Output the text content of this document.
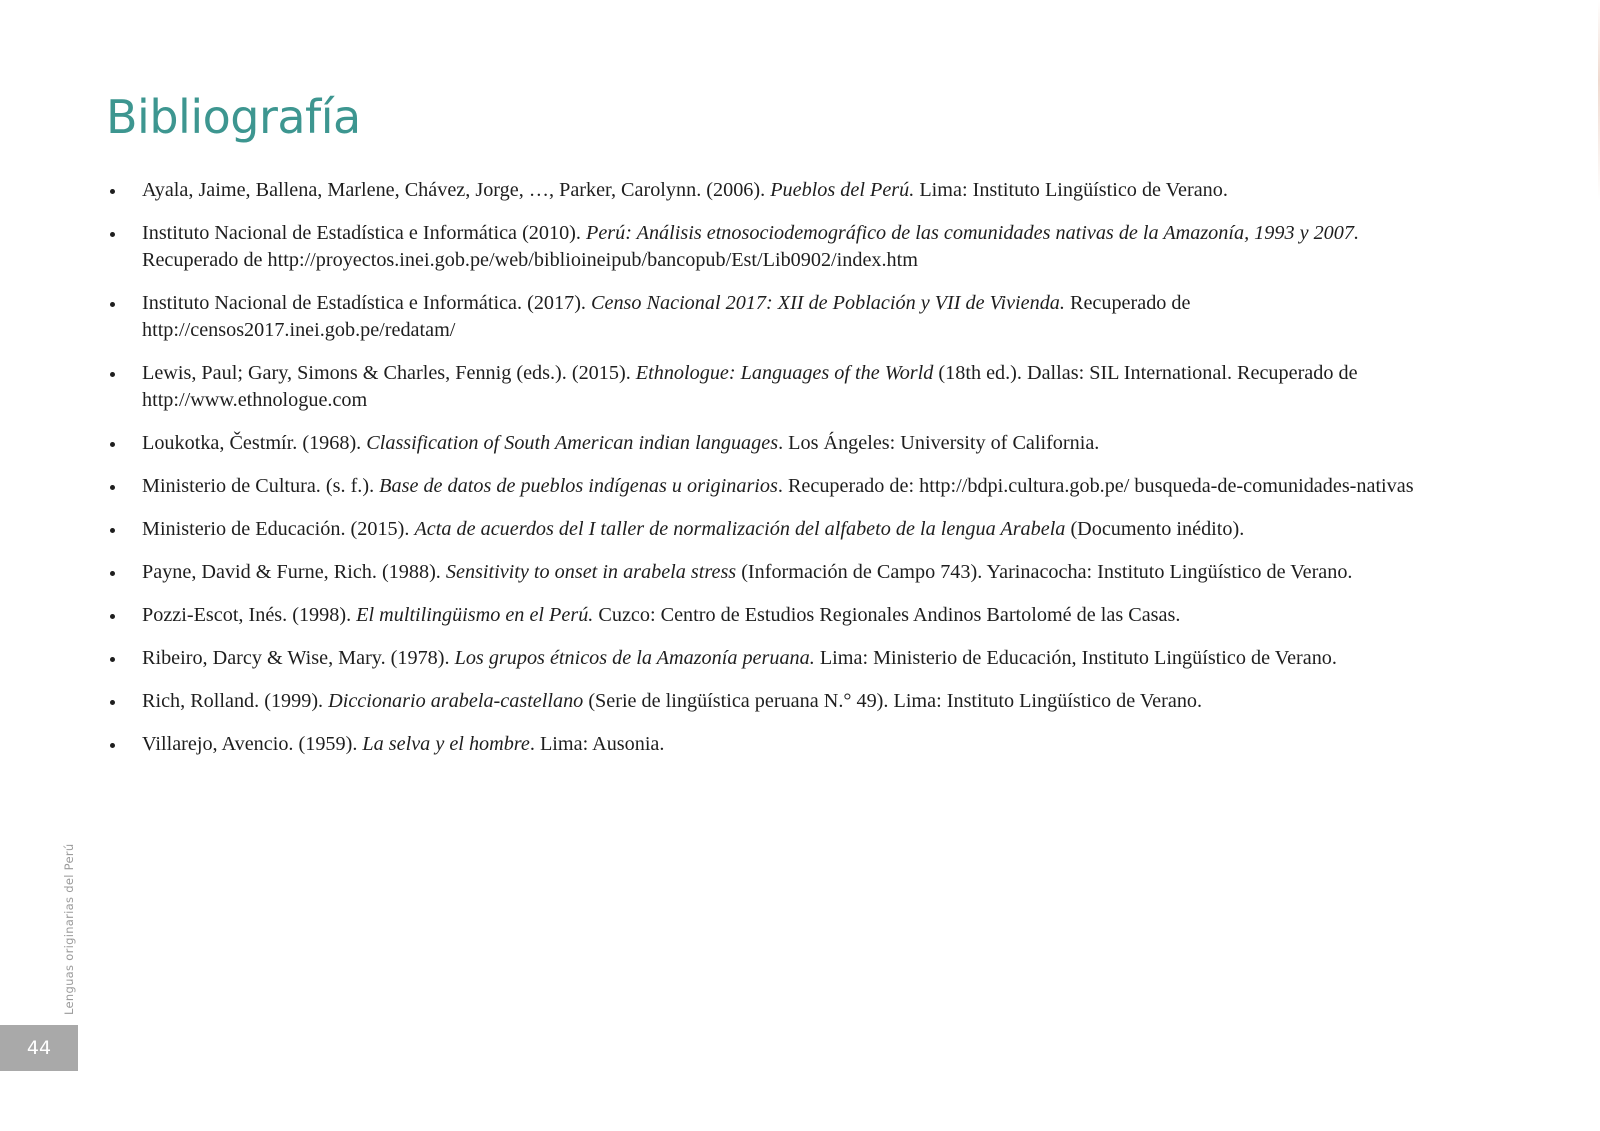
Bibliografía
Ayala, Jaime, Ballena, Marlene, Chávez, Jorge, …, Parker, Carolynn. (2006). Pueblos del Perú. Lima: Instituto Lingüístico de Verano.
Instituto Nacional de Estadística e Informática (2010). Perú: Análisis etnosociodemográfico de las comunidades nativas de la Amazonía, 1993 y 2007. Recuperado de http://proyectos.inei.gob.pe/web/biblioineipub/bancopub/Est/Lib0902/index.htm
Instituto Nacional de Estadística e Informática. (2017). Censo Nacional 2017: XII de Población y VII de Vivienda. Recuperado de http://censos2017.inei.gob.pe/redatam/
Lewis, Paul; Gary, Simons & Charles, Fennig (eds.). (2015). Ethnologue: Languages of the World (18th ed.). Dallas: SIL International. Recuperado de http://www.ethnologue.com
Loukotka, Čestmír. (1968). Classification of South American indian languages. Los Ángeles: University of California.
Ministerio de Cultura. (s. f.). Base de datos de pueblos indígenas u originarios. Recuperado de: http://bdpi.cultura.gob.pe/ busqueda-de-comunidades-nativas
Ministerio de Educación. (2015). Acta de acuerdos del I taller de normalización del alfabeto de la lengua Arabela (Documento inédito).
Payne, David & Furne, Rich. (1988). Sensitivity to onset in arabela stress (Información de Campo 743). Yarinacocha: Instituto Lingüístico de Verano.
Pozzi-Escot, Inés. (1998). El multilingüismo en el Perú. Cuzco: Centro de Estudios Regionales Andinos Bartolomé de las Casas.
Ribeiro, Darcy & Wise, Mary. (1978). Los grupos étnicos de la Amazonía peruana. Lima: Ministerio de Educación, Instituto Lingüístico de Verano.
Rich, Rolland. (1999). Diccionario arabela-castellano (Serie de lingüística peruana N.° 49). Lima: Instituto Lingüístico de Verano.
Villarejo, Avencio. (1959). La selva y el hombre. Lima: Ausonia.
Lenguas originarias del Perú
44
